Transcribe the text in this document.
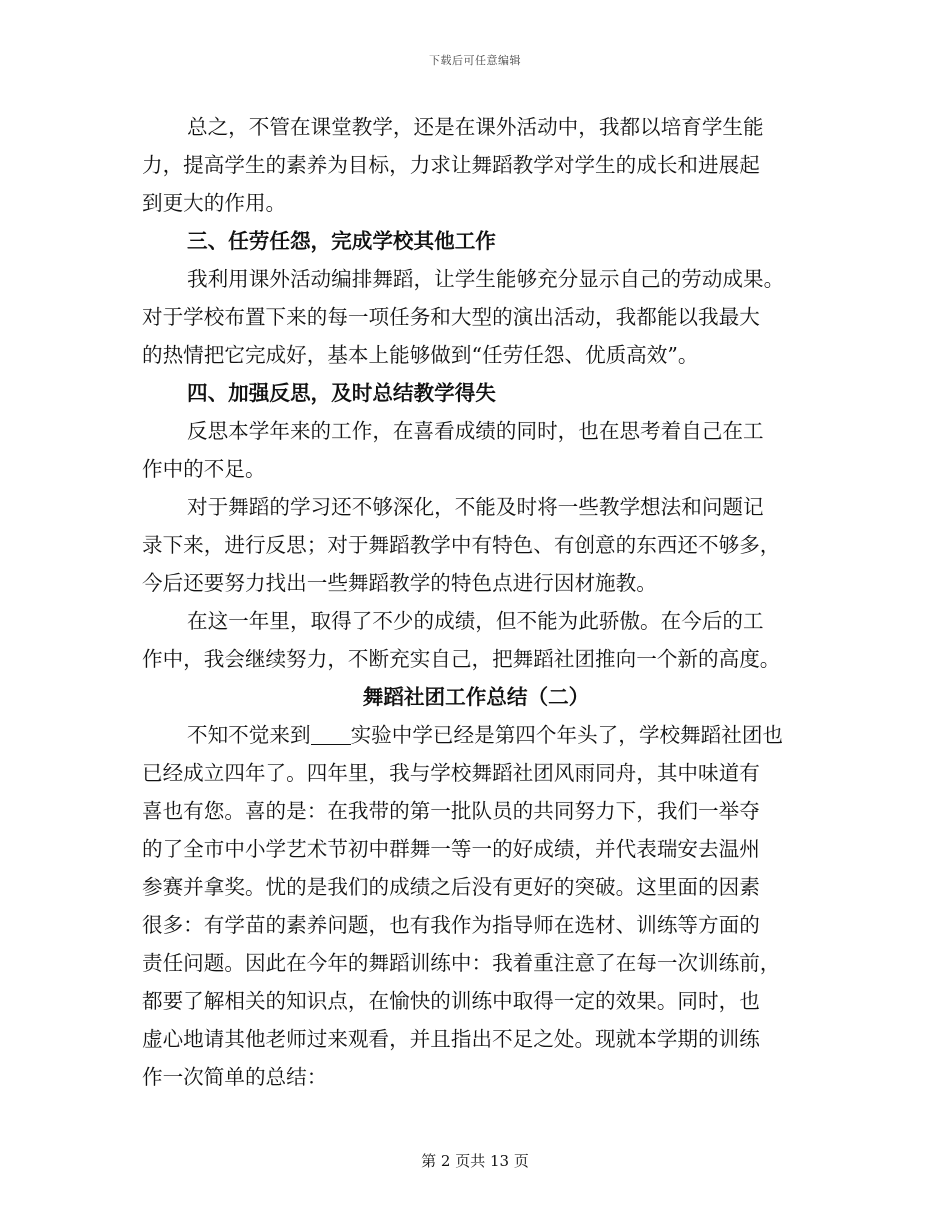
下载后可任意编辑
总之，不管在课堂教学，还是在课外活动中，我都以培育学生能
力，提高学生的素养为目标，力求让舞蹈教学对学生的成长和进展起
到更大的作用。
三、任劳任怨，完成学校其他工作
我利用课外活动编排舞蹈，让学生能够充分显示自己的劳动成果。
对于学校布置下来的每一项任务和大型的演出活动，我都能以我最大
的热情把它完成好，基本上能够做到“任劳任怨、优质高效”。
四、加强反思，及时总结教学得失
反思本学年来的工作，在喜看成绩的同时，也在思考着自己在工
作中的不足。
对于舞蹈的学习还不够深化，不能及时将一些教学想法和问题记
录下来，进行反思；对于舞蹈教学中有特色、有创意的东西还不够多，
今后还要努力找出一些舞蹈教学的特色点进行因材施教。
在这一年里，取得了不少的成绩，但不能为此骄傲。在今后的工
作中，我会继续努力，不断充实自己，把舞蹈社团推向一个新的高度。
舞蹈社团工作总结（二）
不知不觉来到 实验中学已经是第四个年头了，学校舞蹈社团也
已经成立四年了。四年里，我与学校舞蹈社团风雨同舟，其中味道有
喜也有您。喜的是：在我带的第一批队员的共同努力下，我们一举夺
的了全市中小学艺术节初中群舞一等一的好成绩，并代表瑞安去温州
参赛并拿奖。忧的是我们的成绩之后没有更好的突破。这里面的因素
很多：有学苗的素养问题，也有我作为指导师在选材、训练等方面的
责任问题。因此在今年的舞蹈训练中：我着重注意了在每一次训练前，
都要了解相关的知识点，在愉快的训练中取得一定的效果。同时，也
虚心地请其他老师过来观看，并且指出不足之处。现就本学期的训练
作一次简单的总结：
第 2 页共 13 页
